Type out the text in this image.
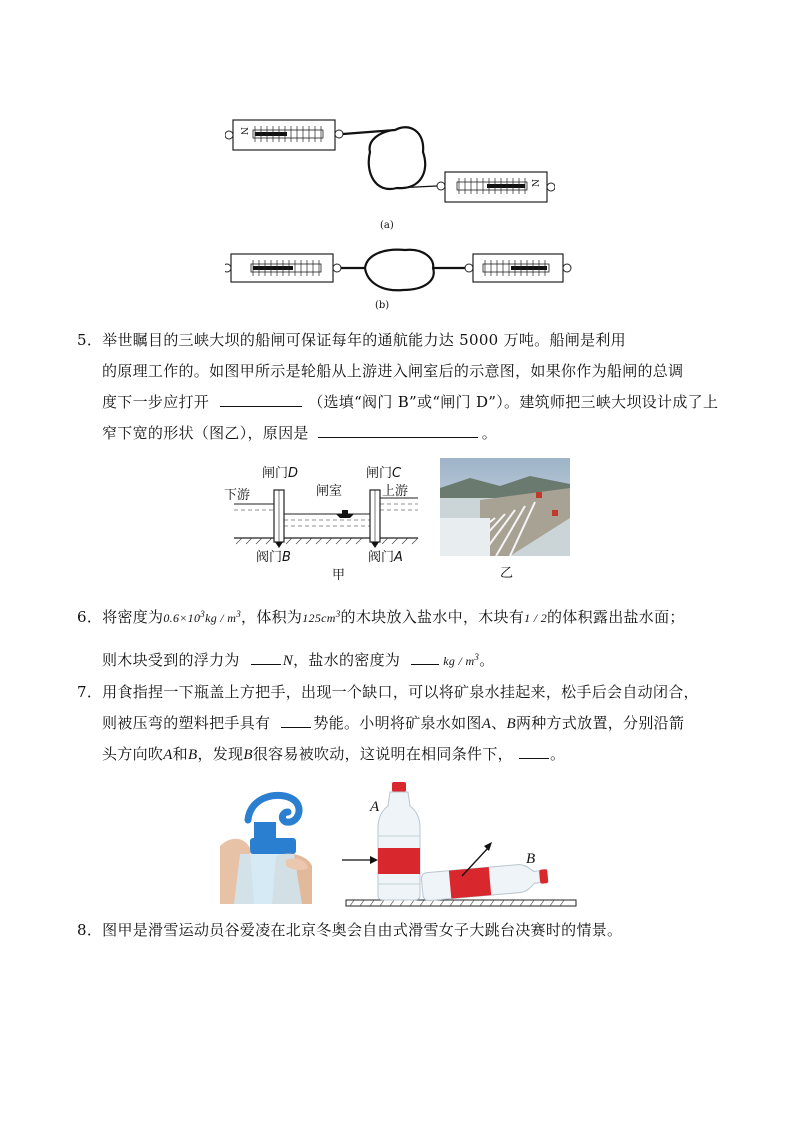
N
N
(a)
(b)
5．举世瞩目的三峡大坝的船闸可保证每年的通航能力达 5000 万吨。船闸是利用
的原理工作的。如图甲所示是轮船从上游进入闸室后的示意图，如果你作为船闸的总调
度下一步应打开	（选填“阀门 B”或“闸门 D”）。建筑师把三峡大坝设计成了上
窄下宽的形状（图乙），原因是	。
闸门D	闸门C
下游	闸室	上游
阀门B	阀门A
甲	乙
6．将密度为$0.6\times 10^3kg / m^3$，体积为$125cm^3$的木块放入盐水中，木块有1 / 2的体积露出盐水面；
则木块受到的浮力为	N，盐水的密度为	kg / $m^3$。
7．用食指捏一下瓶盖上方把手，出现一个缺口，可以将矿泉水挂起来，松手后会自动闭合，
则被压弯的塑料把手具有	势能。小明将矿泉水如图A、B两种方式放置，分别沿箭
头方向吹A和B，发现B很容易被吹动，这说明在相同条件下， 。
A
B
8．图甲是滑雪运动员谷爱凌在北京冬奥会自由式滑雪女子大跳台决赛时的情景。
